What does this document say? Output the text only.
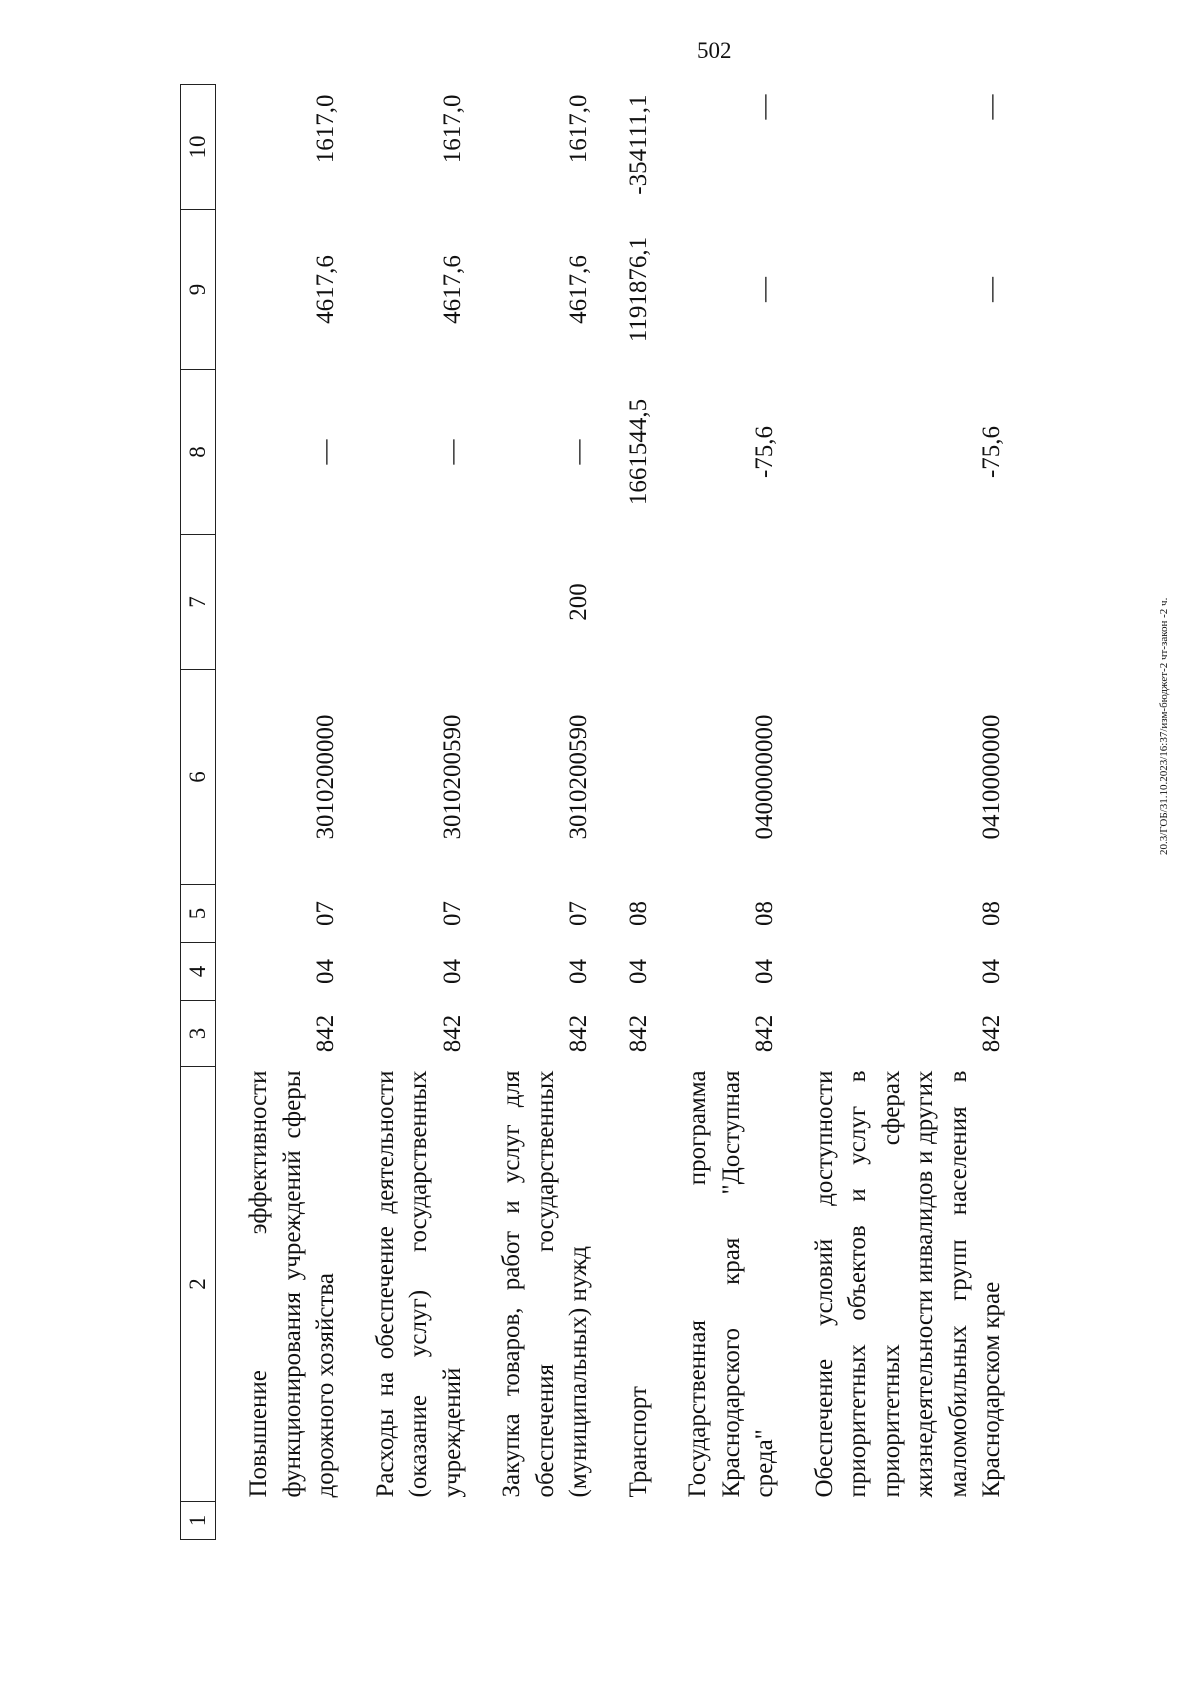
502
1	2	3	4	5	6	7	8	9	10
	Повышение эффективности функционирования учреждений сферы дорожного хозяйства	842	04	07	3010200000		—	4617,6	1617,0
	Расходы на обеспечение деятельности (оказание услуг) государственных учреждений	842	04	07	3010200590		—	4617,6	1617,0
	Закупка товаров, работ и услуг для обеспечения государственных (муниципальных) нужд	842	04	07	3010200590	200	—	4617,6	1617,0
	Транспорт	842	04	08			1661544,5	1191876,1	-354111,1
	Государственная программа Краснодарского края "Доступная среда"	842	04	08	0400000000		-75,6	—	—
	Обеспечение условий доступности приоритетных объектов и услуг в приоритетных сферах жизнедеятельности инвалидов и других маломобильных групп населения в Краснодарском крае	842	04	08	0410000000		-75,6	—	—
20.3/ГОБ/31.10.2023/16:37/изм-бюджет-2 чт-закон -2 ч.
